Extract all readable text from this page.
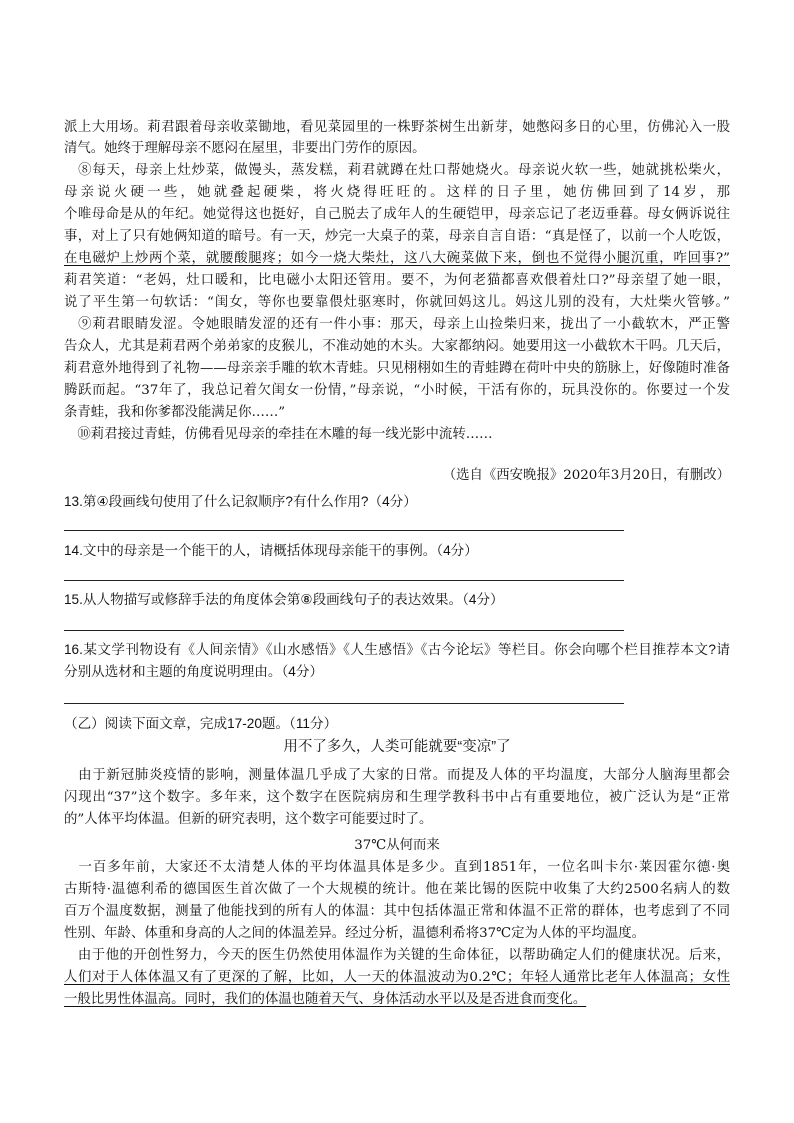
派上大用场。莉君跟着母亲收菜锄地，看见菜园里的一株野茶树生出新芽，她憋闷多日的心里，仿佛沁入一股
清气。她终于理解母亲不愿闷在屋里，非要出门劳作的原因。
　⑧每天，母亲上灶炒菜，做馒头，蒸发糕，莉君就蹲在灶口帮她烧火。母亲说火软一些，她就挑松柴火，
母亲说火硬一些，她就叠起硬柴，将火烧得旺旺的。这样的日子里，她仿佛回到了14岁，那
个唯母命是从的年纪。她觉得这也挺好，自己脱去了成年人的生硬铠甲，母亲忘记了老迈垂暮。母女俩诉说往
事，对上了只有她俩知道的暗号。有一天，炒完一大桌子的菜，母亲自言自语：“真是怪了，以前一个人吃饭，
在电磁炉上炒两个菜，就腰酸腿疼；如今一烧大柴灶，这八大碗菜做下来，倒也不觉得小腿沉重，咋回事?”
莉君笑道：“老妈，灶口暖和，比电磁小太阳还管用。要不，为何老猫都喜欢偎着灶口?”母亲望了她一眼，
说了平生第一句软话：“闺女，等你也要靠偎灶驱寒时，你就回妈这儿。妈这儿别的没有，大灶柴火管够。”
　⑨莉君眼睛发涩。令她眼睛发涩的还有一件小事：那天，母亲上山捡柴归来，拢出了一小截软木，严正警
告众人，尤其是莉君两个弟弟家的皮猴儿，不准动她的木头。大家都纳闷。她要用这一小截软木干吗。几天后，
莉君意外地得到了礼物——母亲亲手雕的软木青蛙。只见栩栩如生的青蛙蹲在荷叶中央的筋脉上，好像随时准备
腾跃而起。“37年了，我总记着欠闺女一份情，”母亲说，“小时候，干活有你的，玩具没你的。你要过一个发
条青蛙，我和你爹都没能满足你……”
　⑩莉君接过青蛙，仿佛看见母亲的牵挂在木雕的每一线光影中流转……
（选自《西安晚报》2020年3月20日，有删改）
13.第④段画线句使用了什么记叙顺序?有什么作用?（4分）
14.文中的母亲是一个能干的人，请概括体现母亲能干的事例。（4分）
15.从人物描写或修辞手法的角度体会第⑧段画线句子的表达效果。（4分）
16.某文学刊物设有《人间亲情》《山水感悟》《人生感悟》《古今论坛》等栏目。你会向哪个栏目推荐本文?请
分别从选材和主题的角度说明理由。（4分）
（乙）阅读下面文章，完成17-20题。（11分）
用不了多久，人类可能就要“变凉”了
　由于新冠肺炎疫情的影响，测量体温几乎成了大家的日常。而提及人体的平均温度，大部分人脑海里都会
闪现出“37”这个数字。多年来，这个数字在医院病房和生理学教科书中占有重要地位，被广泛认为是“正常
的”人体平均体温。但新的研究表明，这个数字可能要过时了。
37℃从何而来
　一百多年前，大家还不太清楚人体的平均体温具体是多少。直到1851年，一位名叫卡尔·莱因霍尔德·奥
古斯特·温德利希的德国医生首次做了一个大规模的统计。他在莱比锡的医院中收集了大约2500名病人的数
百万个温度数据，测量了他能找到的所有人的体温：其中包括体温正常和体温不正常的群体，也考虑到了不同
性别、年龄、体重和身高的人之间的体温差异。经过分析，温德利希将37℃定为人体的平均温度。
　由于他的开创性努力，今天的医生仍然使用体温作为关键的生命体征，以帮助确定人们的健康状况。后来，
人们对于人体体温又有了更深的了解，比如，人一天的体温波动为0.2℃；年轻人通常比老年人体温高；女性
一般比男性体温高。同时，我们的体温也随着天气、身体活动水平以及是否进食而变化。
